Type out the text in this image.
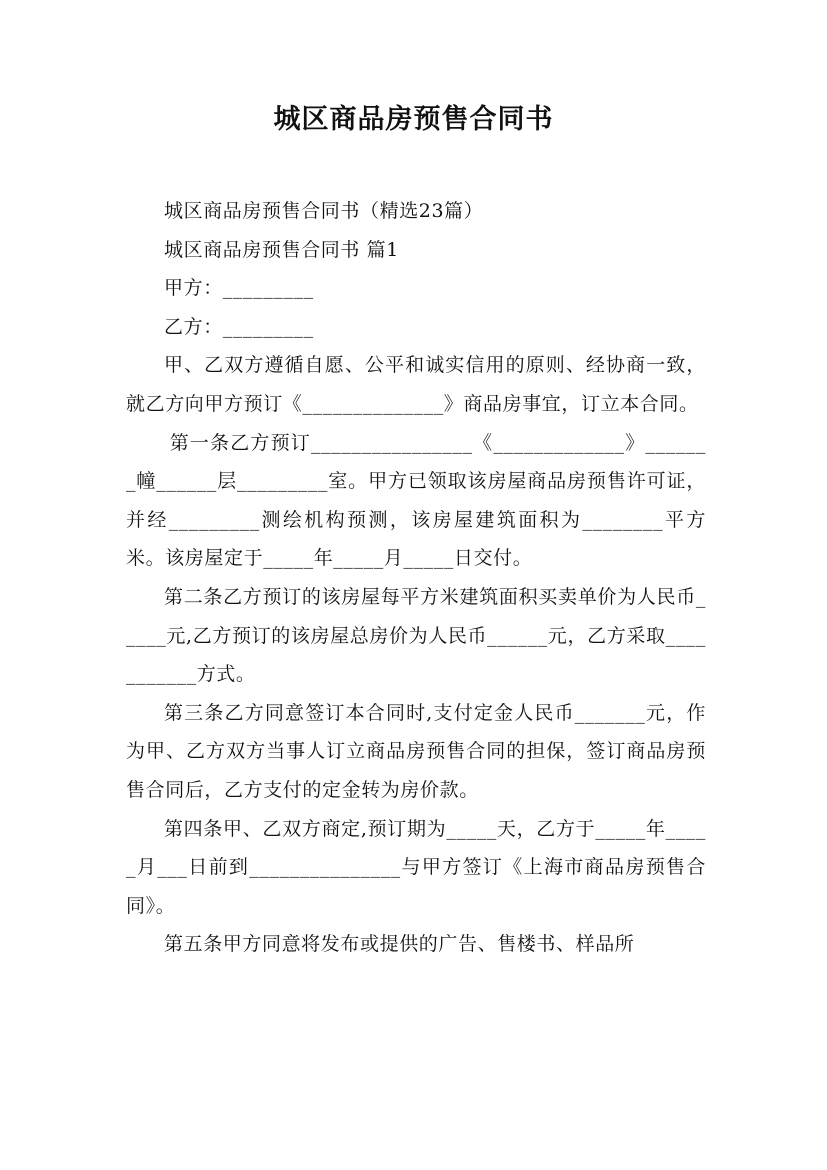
城区商品房预售合同书

城区商品房预售合同书（精选23篇）

城区商品房预售合同书 篇1

甲方：_________

乙方：_________

甲、乙双方遵循自愿、公平和诚实信用的原则、经协商一致，就乙方向甲方预订《______________》商品房事宜，订立本合同。

第一条乙方预订________________《_____________》_______幢______层_________室。甲方已领取该房屋商品房预售许可证，并经_________测绘机构预测，该房屋建筑面积为________平方米。该房屋定于_____年_____月_____日交付。

第二条乙方预订的该房屋每平方米建筑面积买卖单价为人民币_____元,乙方预订的该房屋总房价为人民币______元，乙方采取___________方式。

第三条乙方同意签订本合同时,支付定金人民币_______元，作为甲、乙方双方当事人订立商品房预售合同的担保，签订商品房预售合同后，乙方支付的定金转为房价款。

第四条甲、乙双方商定,预订期为_____天，乙方于_____年_____月___日前到_______________与甲方签订《上海市商品房预售合同》。

第五条甲方同意将发布或提供的广告、售楼书、样品所
